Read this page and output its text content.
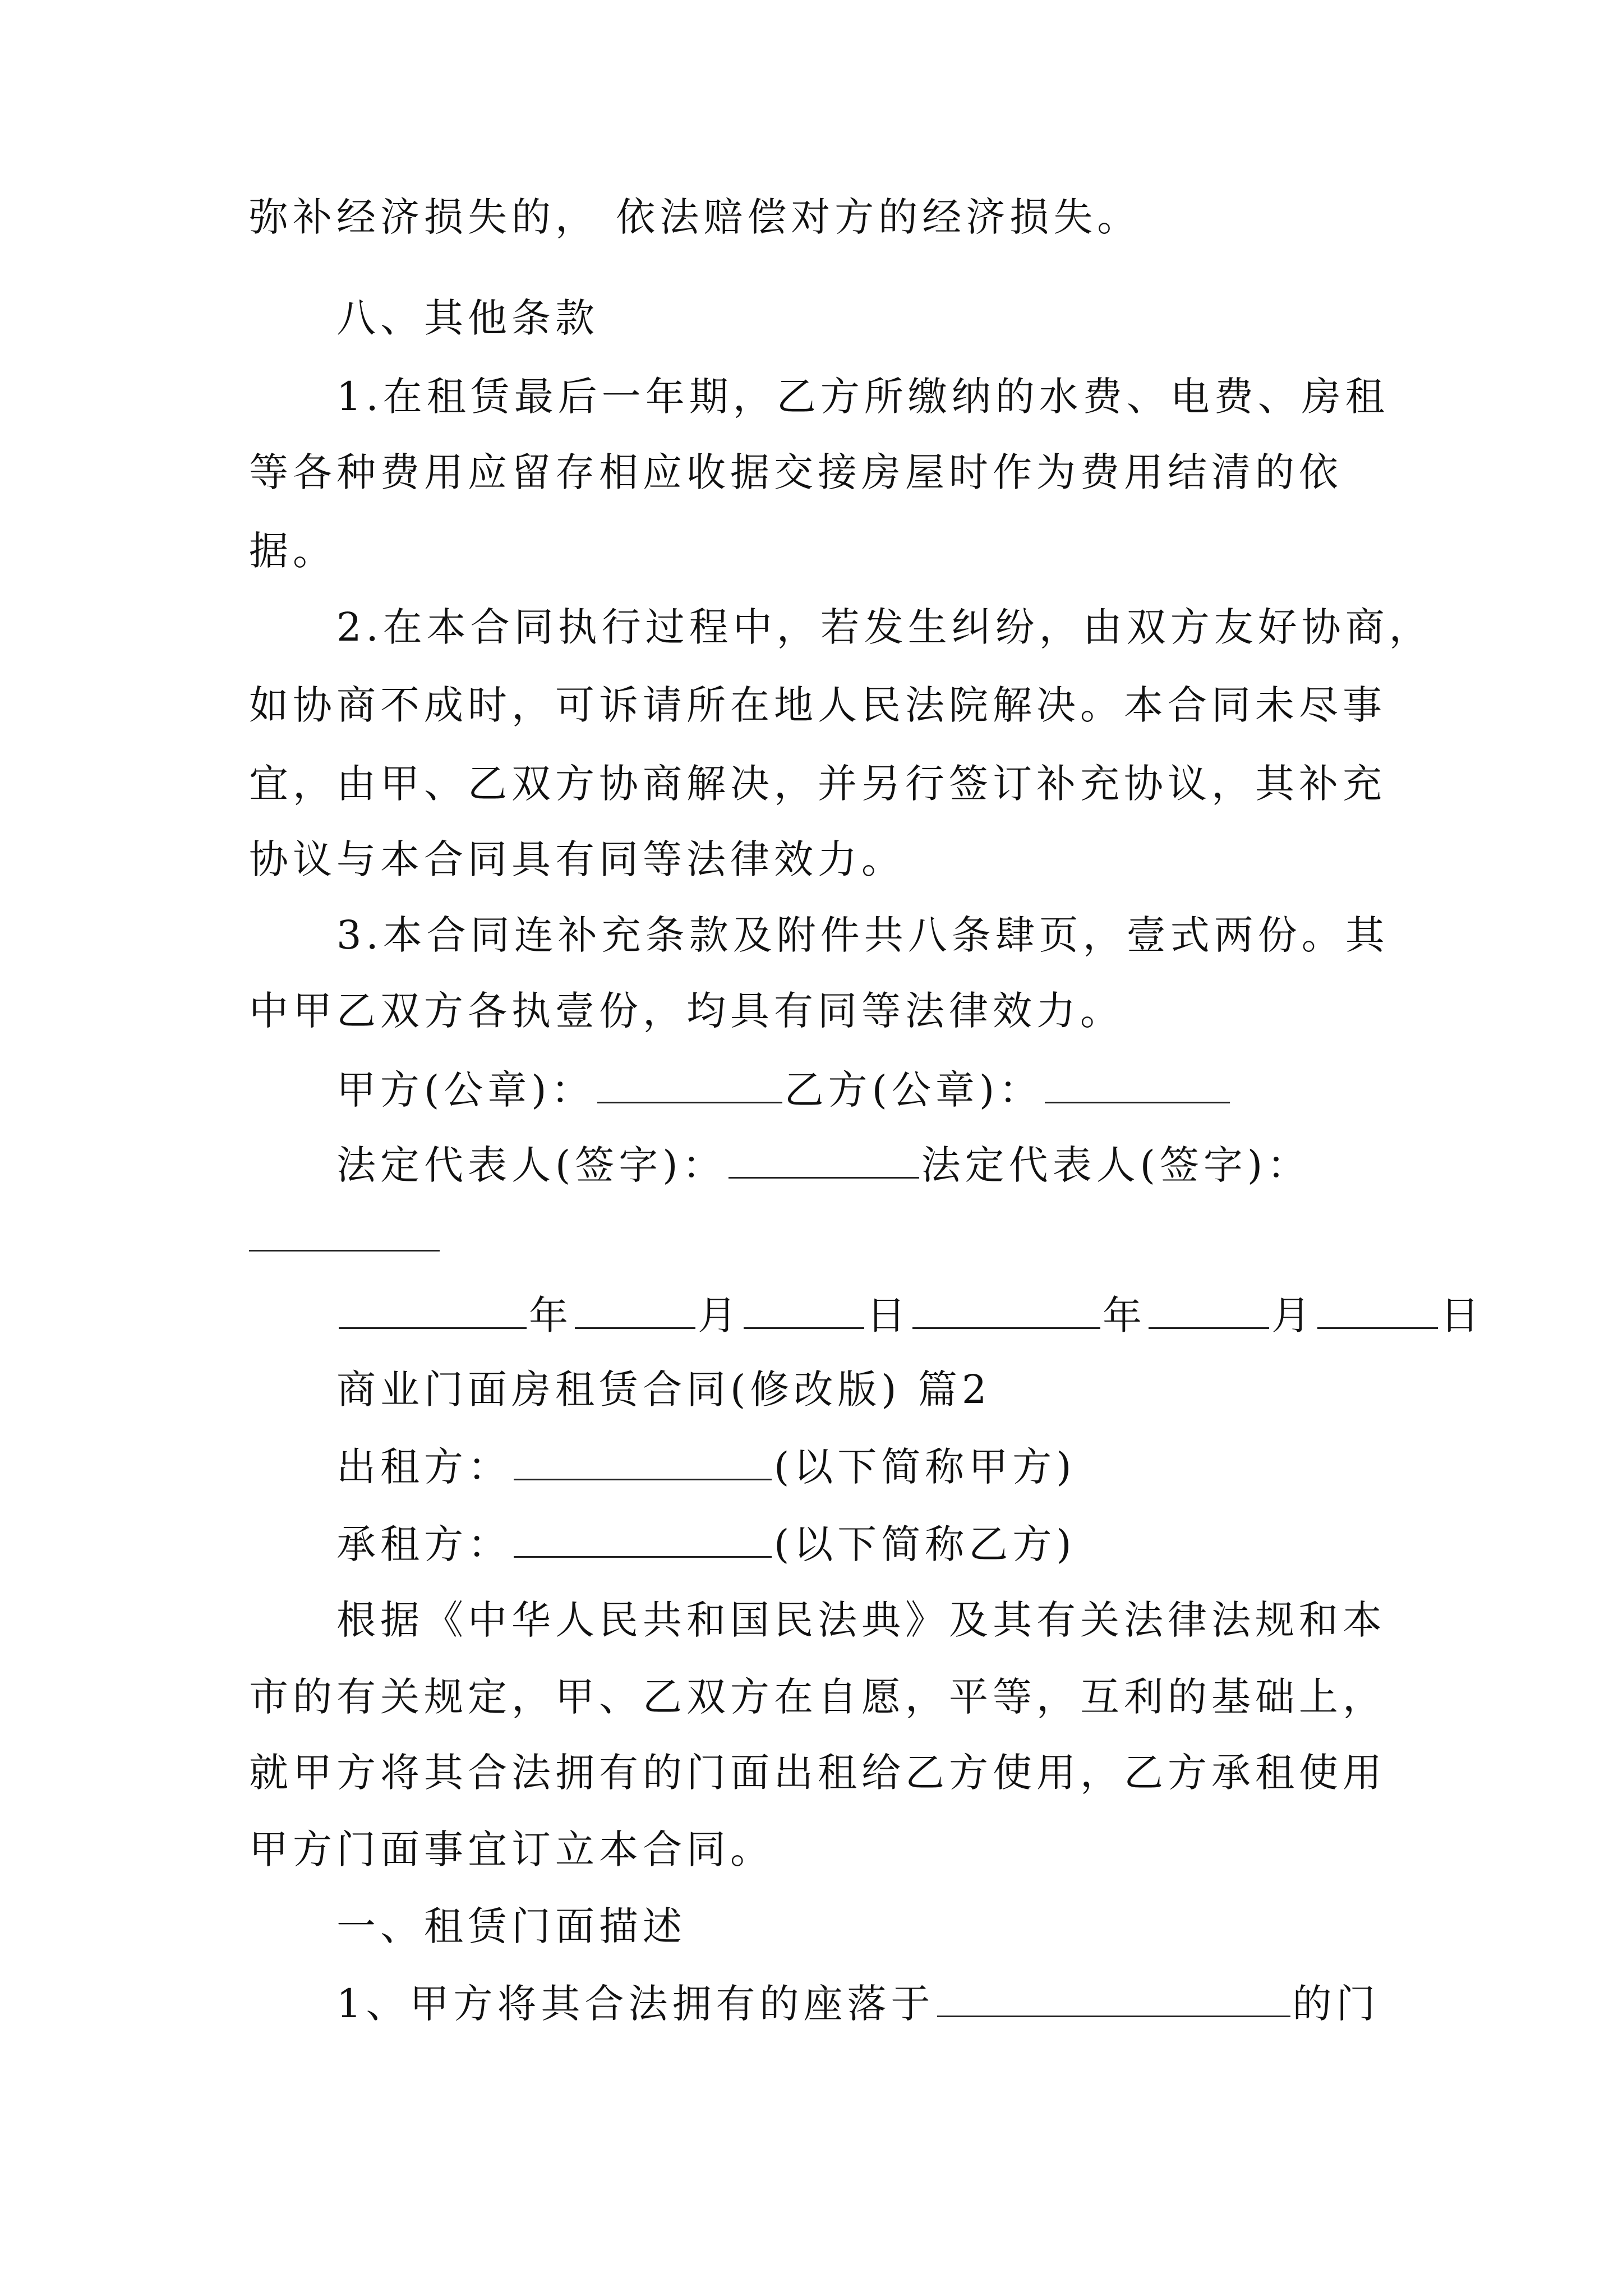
弥补经济损失的， 依法赔偿对方的经济损失。
八、其他条款
1.在租赁最后一年期，乙方所缴纳的水费、电费、房租
等各种费用应留存相应收据交接房屋时作为费用结清的依
据。
2.在本合同执行过程中，若发生纠纷，由双方友好协商，
如协商不成时，可诉请所在地人民法院解决。本合同未尽事
宜，由甲、乙双方协商解决，并另行签订补充协议，其补充
协议与本合同具有同等法律效力。
3.本合同连补充条款及附件共八条肆页，壹式两份。其
中甲乙双方各执壹份，均具有同等法律效力。
甲方(公章)：	乙方(公章)：
法定代表人(签字)：	法定代表人(签字)：
年	月	日	年	月	日
商业门面房租赁合同(修改版) 篇2
出租方：	(以下简称甲方)
承租方：	(以下简称乙方)
根据《中华人民共和国民法典》及其有关法律法规和本
市的有关规定，甲、乙双方在自愿，平等，互利的基础上，
就甲方将其合法拥有的门面出租给乙方使用，乙方承租使用
甲方门面事宜订立本合同。
一、租赁门面描述
1、甲方将其合法拥有的座落于	的门
